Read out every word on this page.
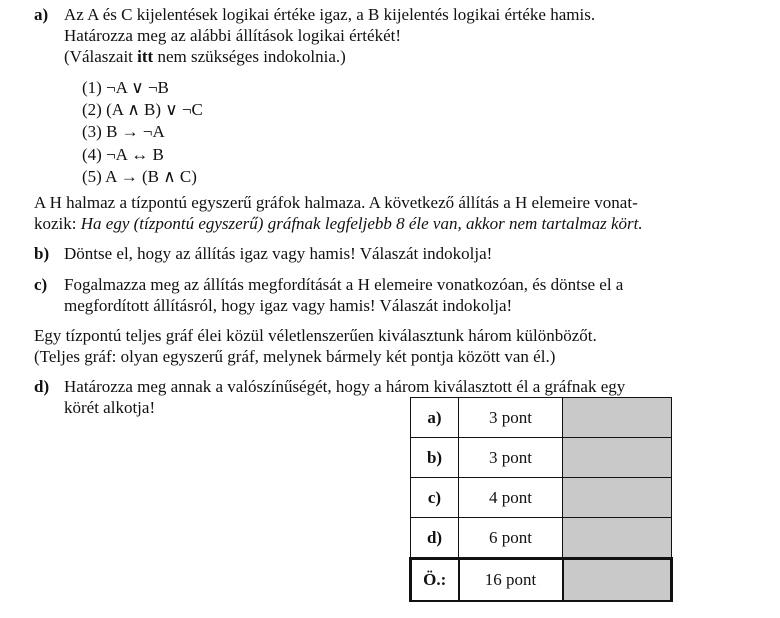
a) Az A és C kijelentések logikai értéke igaz, a B kijelentés logikai értéke hamis.
Határozza meg az alábbi állítások logikai értékét!
(Válaszait itt nem szükséges indokolnia.)
(1) ¬A ∨ ¬B
(2) (A ∧ B) ∨ ¬C
(3) B → ¬A
(4) ¬A ↔ B
(5) A → (B ∧ C)
A H halmaz a tízpontú egyszerű gráfok halmaza. A következő állítás a H elemeire vonat-
kozik: Ha egy (tízpontú egyszerű) gráfnak legfeljebb 8 éle van, akkor nem tartalmaz kört.
b) Döntse el, hogy az állítás igaz vagy hamis! Válaszát indokolja!
c) Fogalmazza meg az állítás megfordítását a H elemeire vonatkozóan, és döntse el a
megfordított állításról, hogy igaz vagy hamis! Válaszát indokolja!
Egy tízpontú teljes gráf élei közül véletlenszerűen kiválasztunk három különbözőt.
(Teljes gráf: olyan egyszerű gráf, melynek bármely két pontja között van él.)
d) Határozza meg annak a valószínűségét, hogy a három kiválasztott él a gráfnak egy
körét alkotja!	a)	3 pont	
b)	3 pont	
c)	4 pont	
d)	6 pont	
Ö.:	16 pont	
